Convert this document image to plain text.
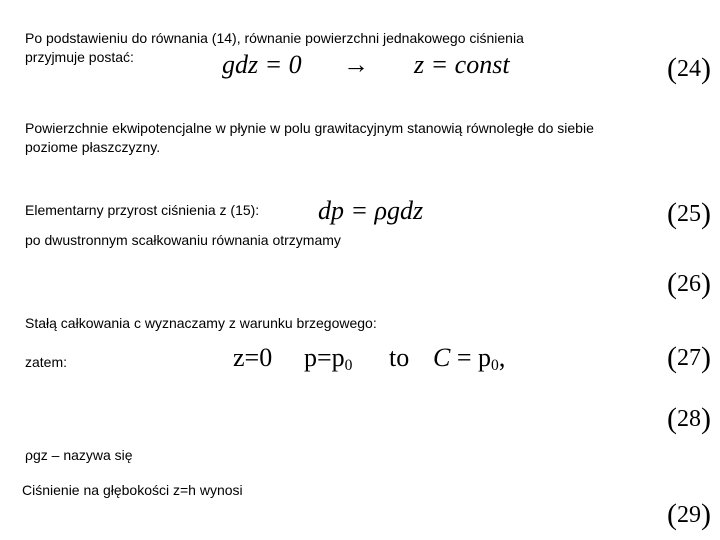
Po podstawieniu do równania (14), równanie powierzchni jednakowego ciśnienia
przyjmuje postać:	gdz = 0 → z = const	(24)
Powierzchnie ekwipotencjalne w płynie w polu grawitacyjnym stanowią równoległe do siebie
poziome płaszczyzny.
Elementarny przyrost ciśnienia z (15): dp = ρgdz	(25)
po dwustronnym scałkowaniu równania otrzymamy
(26)
Stałą całkowania c wyznaczamy z warunku brzegowego:
zatem:	z=0 $p=p_0$ to $C = p_0$,	(27)
(28)
ρgz – nazywa się
Ciśnienie na głębokości z=h wynosi
(29)
